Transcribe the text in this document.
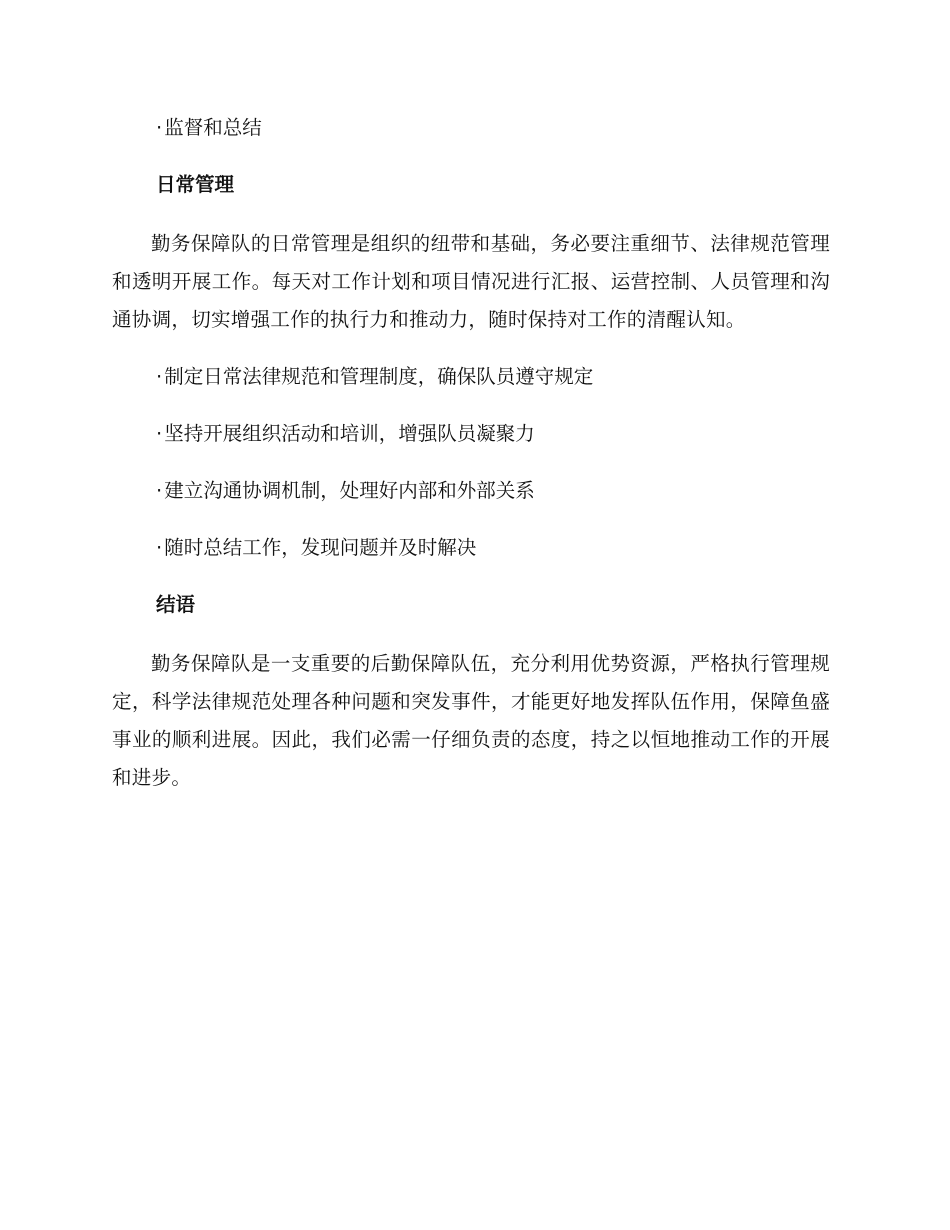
· 监督和总结
日常管理

勤务保障队的日常管理是组织的纽带和基础，务必要注重细节、法律规范管理和透明开展工作。每天对工作计划和项目情况进行汇报、运营控制、人员管理和沟通协调，切实增强工作的执行力和推动力，随时保持对工作的清醒认知。

· 制定日常法律规范和管理制度，确保队员遵守规定
· 坚持开展组织活动和培训，增强队员凝聚力
· 建立沟通协调机制，处理好内部和外部关系
· 随时总结工作，发现问题并及时解决
结语

勤务保障队是一支重要的后勤保障队伍，充分利用优势资源，严格执行管理规定，科学法律规范处理各种问题和突发事件，才能更好地发挥队伍作用，保障鱼盛事业的顺利进展。因此，我们必需一仔细负责的态度，持之以恒地推动工作的开展和进步。
